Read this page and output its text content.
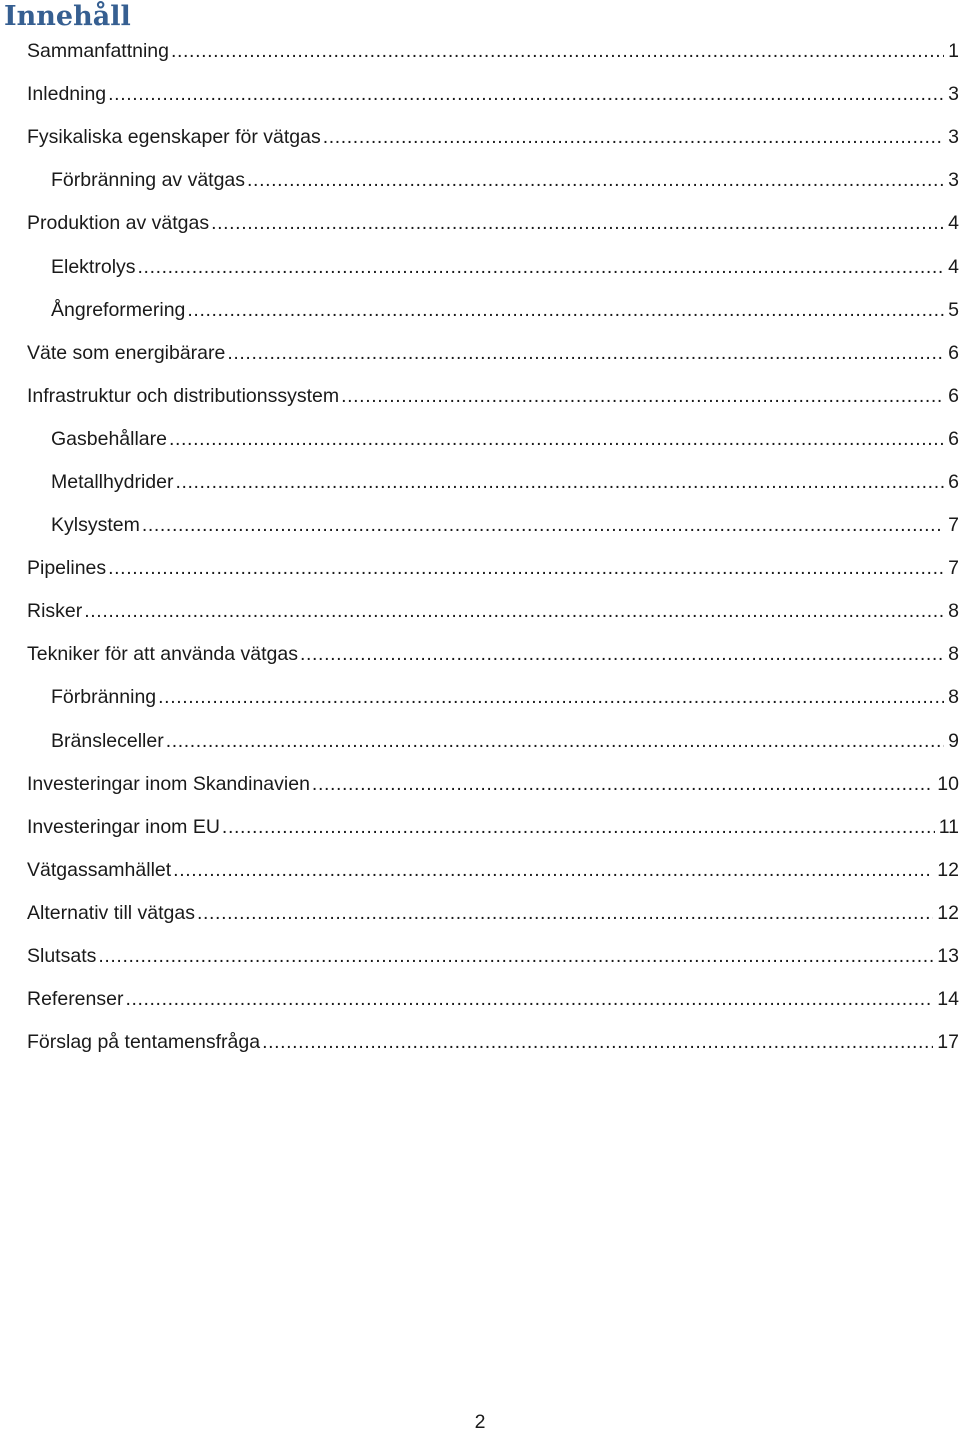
Innehåll
Sammanfattning .....	1
Inledning .....	3
Fysikaliska egenskaper för vätgas .....	3
Förbränning av vätgas .....	3
Produktion av vätgas .....	4
Elektrolys .....	4
Ångreformering .....	5
Väte som energibärare .....	6
Infrastruktur och distributionssystem .....	6
Gasbehållare .....	6
Metallhydrider .....	6
Kylsystem .....	7
Pipelines .....	7
Risker .....	8
Tekniker för att använda vätgas .....	8
Förbränning .....	8
Bränsleceller .....	9
Investeringar inom Skandinavien .....	10
Investeringar inom EU .....	11
Vätgassamhället .....	12
Alternativ till vätgas .....	12
Slutsats .....	13
Referenser .....	14
Förslag på tentamensfråga .....	17
2
